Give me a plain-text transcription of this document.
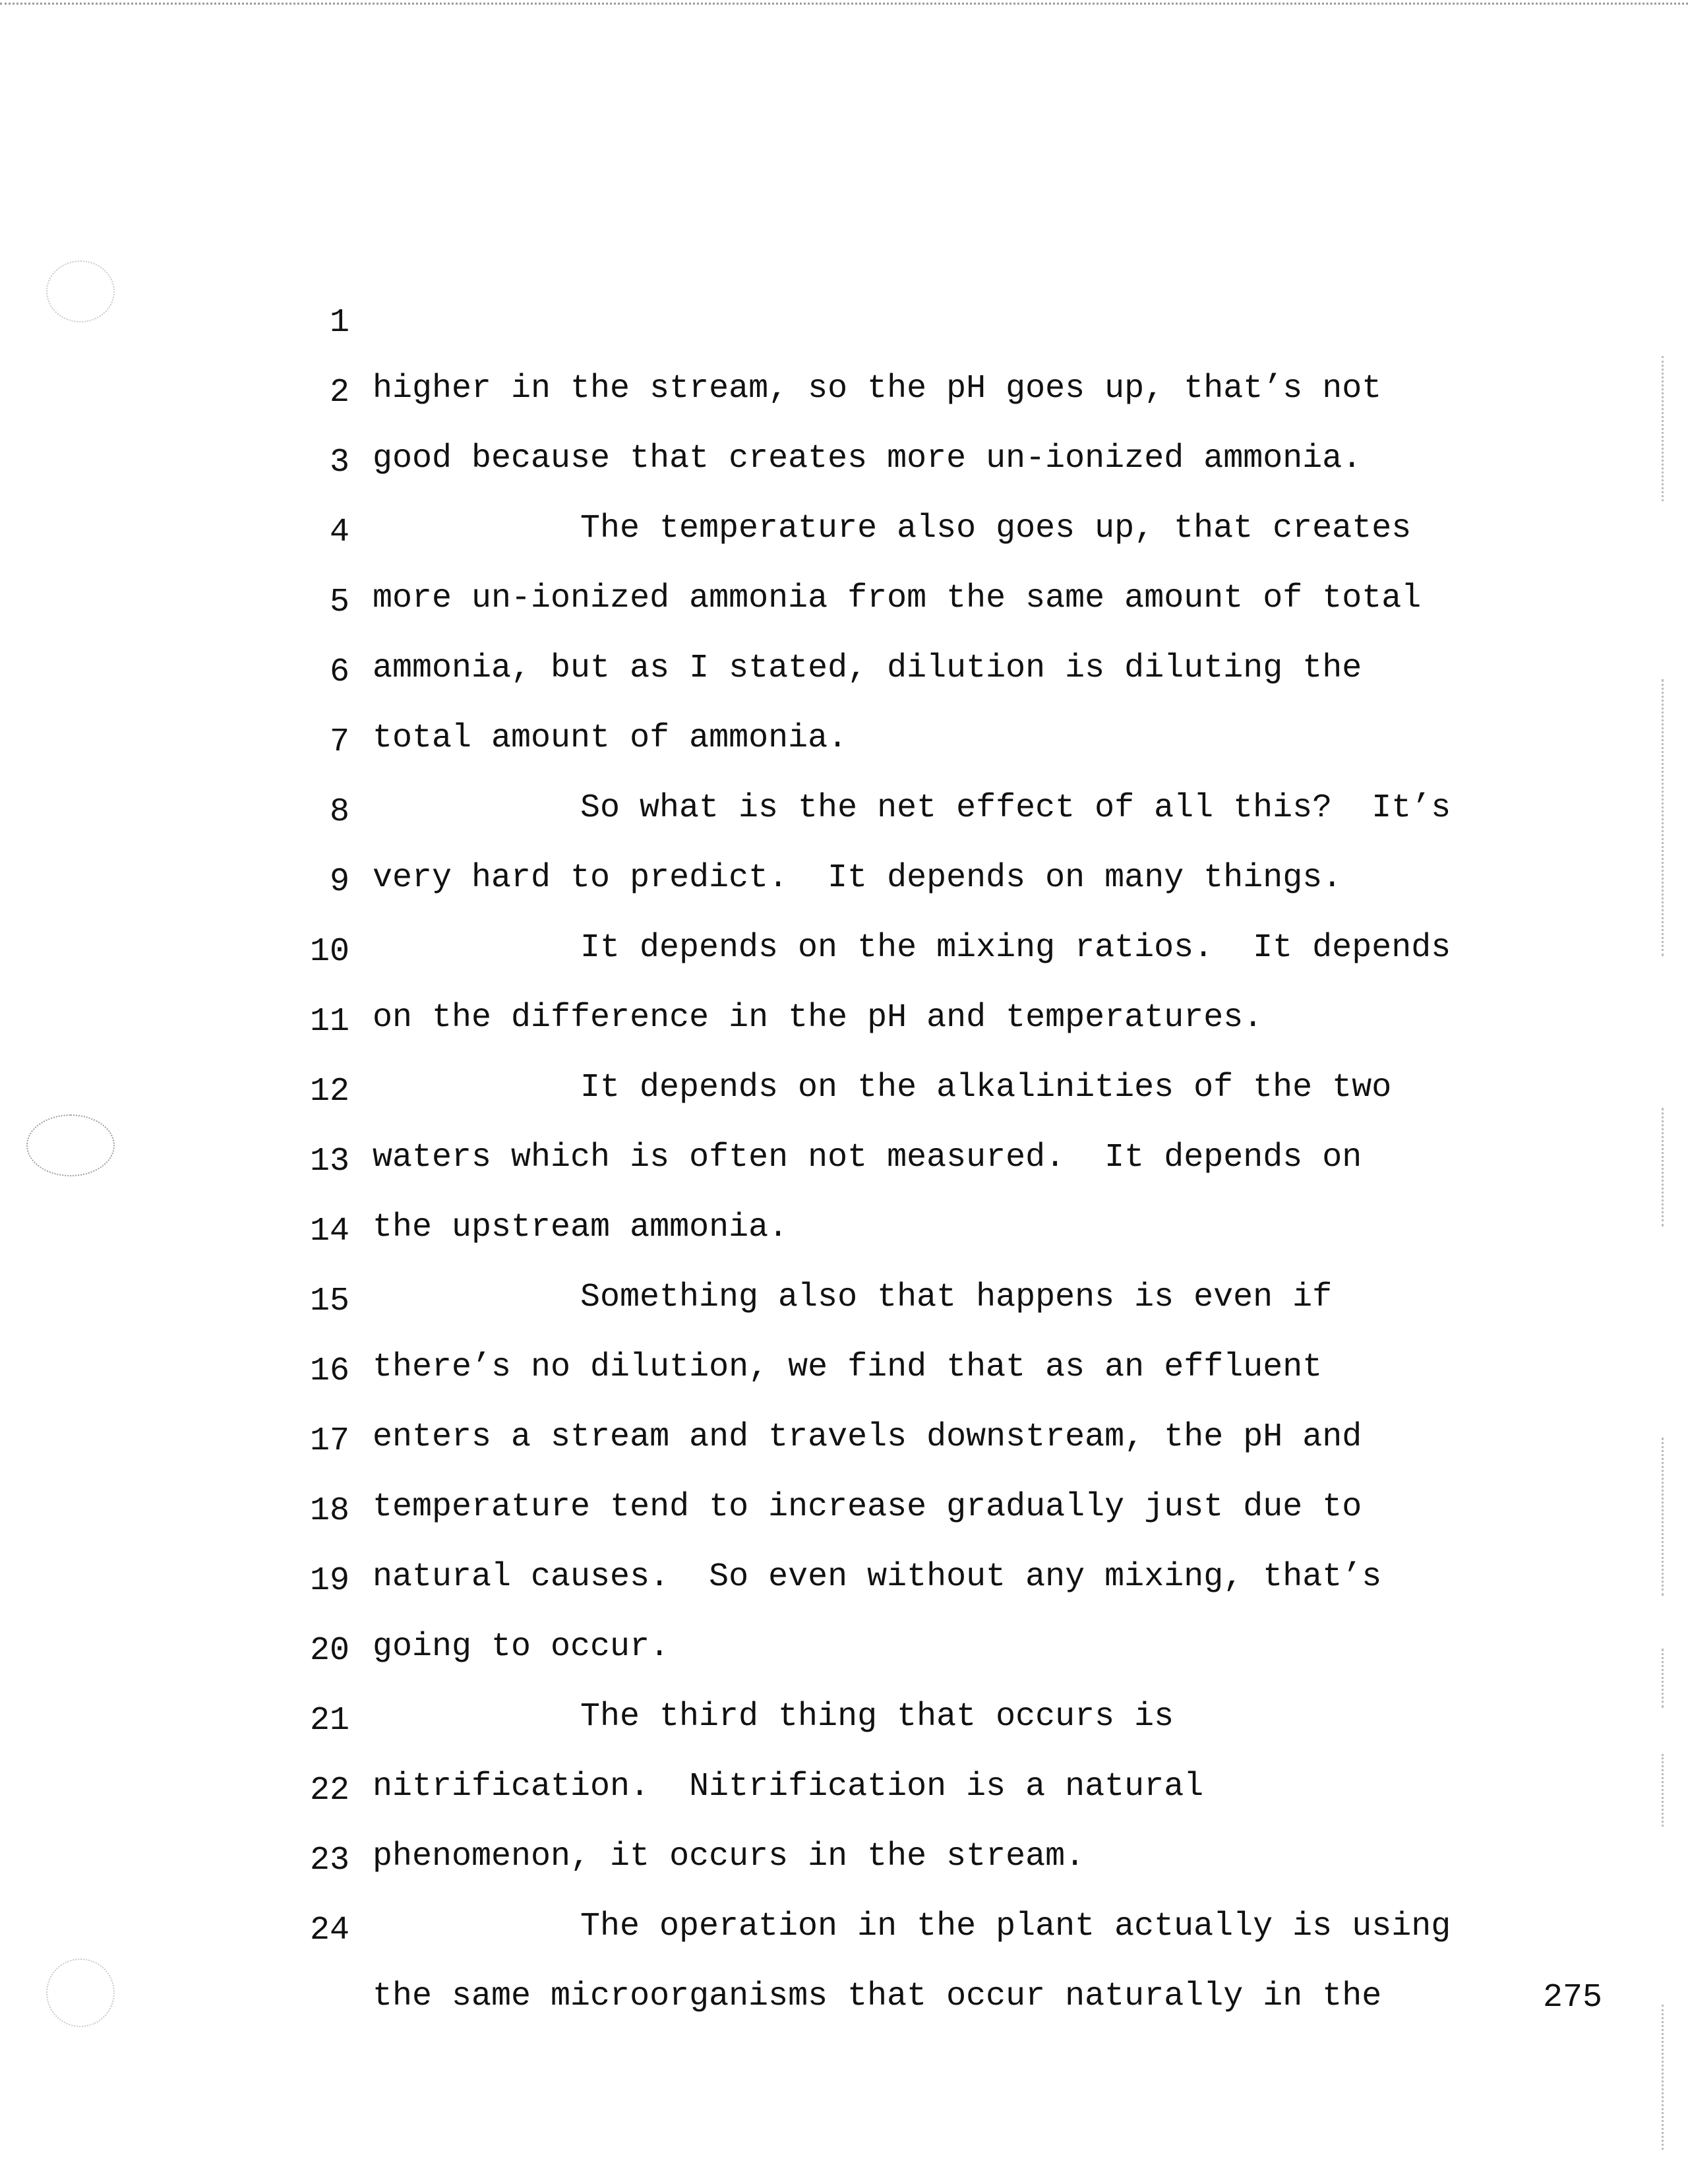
1

higher in the stream, so the pH goes up, that’s not

2

good because that creates more un-ionized ammonia.

3

The temperature also goes up, that creates

4

more un-ionized ammonia from the same amount of total

5

ammonia, but as I stated, dilution is diluting the

6

total amount of ammonia.

7

So what is the net effect of all this?  It’s

8

very hard to predict.  It depends on many things.

9

It depends on the mixing ratios.  It depends

10

on the difference in the pH and temperatures.

11

It depends on the alkalinities of the two

12

waters which is often not measured.  It depends on

13

the upstream ammonia.

14

Something also that happens is even if

15

there’s no dilution, we find that as an effluent

16

enters a stream and travels downstream, the pH and

17

temperature tend to increase gradually just due to

18

natural causes.  So even without any mixing, that’s

19

going to occur.

20

The third thing that occurs is

21

nitrification.  Nitrification is a natural

22

phenomenon, it occurs in the stream.

23

The operation in the plant actually is using

24

the same microorganisms that occur naturally in the

	275
